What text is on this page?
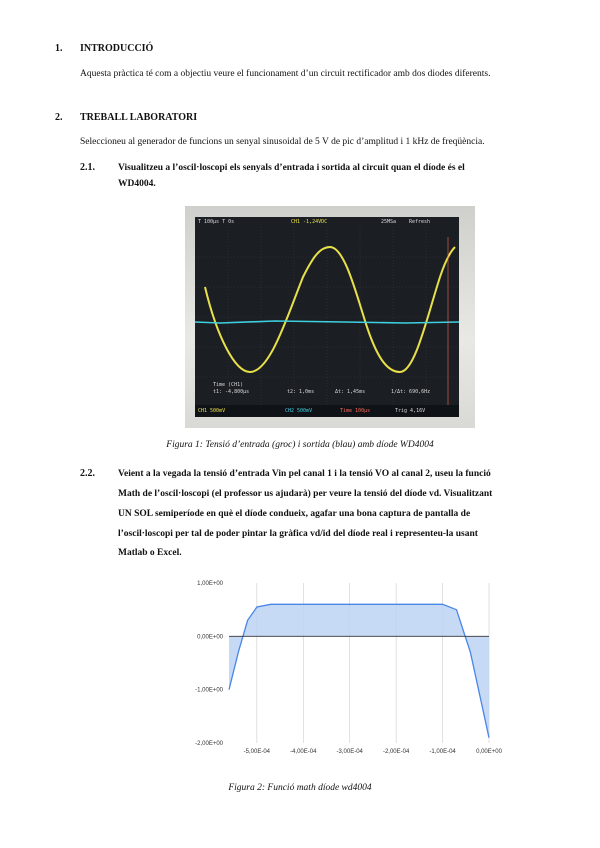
1. INTRODUCCIÓ
Aquesta pràctica té com a objectiu veure el funcionament d’un circuit rectificador amb dos diodes diferents.
2. TREBALL LABORATORI
Seleccioneu al generador de funcions un senyal sinusoidal de 5 V de pic d’amplitud i 1 kHz de freqüència.
2.1. Visualitzeu a l’oscil·loscopi els senyals d’entrada i sortida al circuit quan el díode és el
WD4004.
T 100µs T 0s	CH1 -1,24VDC	25MSa	Refresh
Time (CH1)
t1: -4,800µs	t2: 1,0ms	Δt: 1,45ms	1/Δt: 690,6Hz
CH1 500mV	CH2 500mV	Time 100µs	Trig 4,16V
Figura 1: Tensió d’entrada (groc) i sortida (blau) amb díode WD4004
2.2. Veient a la vegada la tensió d’entrada Vin pel canal 1 i la tensió VO al canal 2, useu la funció
Math de l’oscil·loscopi (el professor us ajudarà) per veure la tensió del díode vd. Visualitzant
UN SOL semiperíode en què el díode condueix, agafar una bona captura de pantalla de
l’oscil·loscopi per tal de poder pintar la gràfica vd/id del díode real i representeu-la usant
Matlab o Excel.
1,00E+00
0,00E+00
-1,00E+00
-2,00E+00
-5,00E-04	-4,00E-04	-3,00E-04	-2,00E-04	-1,00E-04	0,00E+00
Figura 2: Funció math díode wd4004
